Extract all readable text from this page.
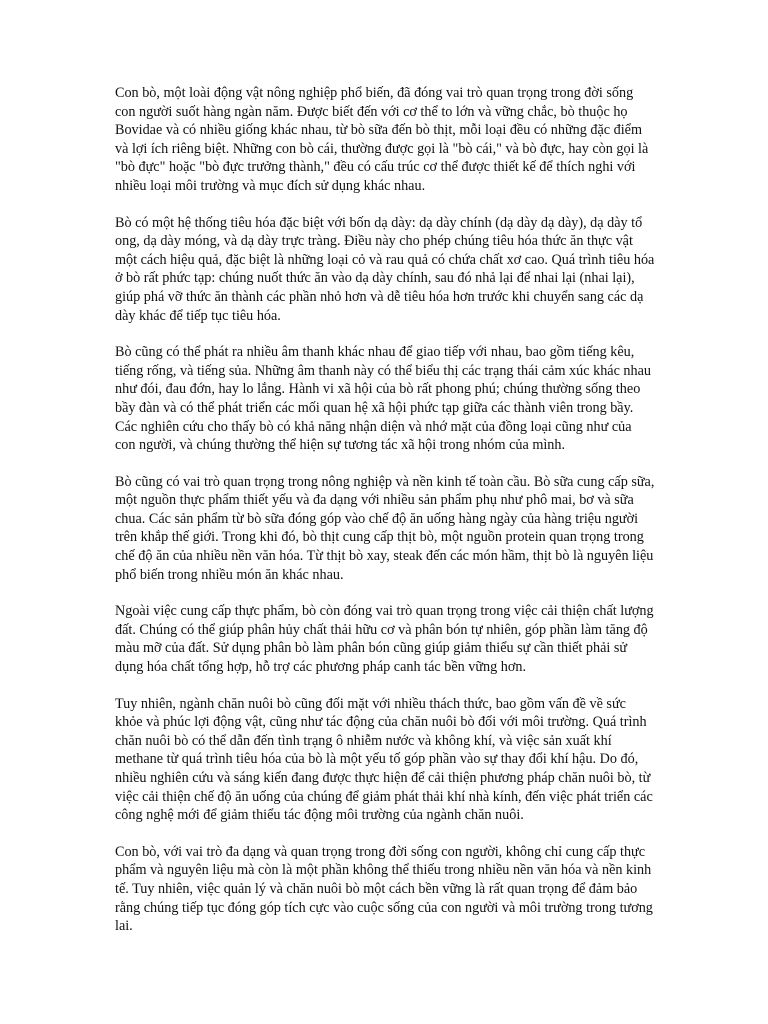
Con bò, một loài động vật nông nghiệp phổ biến, đã đóng vai trò quan trọng trong đời sống con người suốt hàng ngàn năm. Được biết đến với cơ thể to lớn và vững chắc, bò thuộc họ Bovidae và có nhiều giống khác nhau, từ bò sữa đến bò thịt, mỗi loại đều có những đặc điểm và lợi ích riêng biệt. Những con bò cái, thường được gọi là "bò cái," và bò đực, hay còn gọi là "bò đực" hoặc "bò đực trưởng thành," đều có cấu trúc cơ thể được thiết kế để thích nghi với nhiều loại môi trường và mục đích sử dụng khác nhau.

Bò có một hệ thống tiêu hóa đặc biệt với bốn dạ dày: dạ dày chính (dạ dày dạ dày), dạ dày tổ ong, dạ dày móng, và dạ dày trực tràng. Điều này cho phép chúng tiêu hóa thức ăn thực vật một cách hiệu quả, đặc biệt là những loại cỏ và rau quả có chứa chất xơ cao. Quá trình tiêu hóa ở bò rất phức tạp: chúng nuốt thức ăn vào dạ dày chính, sau đó nhả lại để nhai lại (nhai lại), giúp phá vỡ thức ăn thành các phần nhỏ hơn và dễ tiêu hóa hơn trước khi chuyển sang các dạ dày khác để tiếp tục tiêu hóa.

Bò cũng có thể phát ra nhiều âm thanh khác nhau để giao tiếp với nhau, bao gồm tiếng kêu, tiếng rống, và tiếng sủa. Những âm thanh này có thể biểu thị các trạng thái cảm xúc khác nhau như đói, đau đớn, hay lo lắng. Hành vi xã hội của bò rất phong phú; chúng thường sống theo bầy đàn và có thể phát triển các mối quan hệ xã hội phức tạp giữa các thành viên trong bầy. Các nghiên cứu cho thấy bò có khả năng nhận diện và nhớ mặt của đồng loại cũng như của con người, và chúng thường thể hiện sự tương tác xã hội trong nhóm của mình.

Bò cũng có vai trò quan trọng trong nông nghiệp và nền kinh tế toàn cầu. Bò sữa cung cấp sữa, một nguồn thực phẩm thiết yếu và đa dạng với nhiều sản phẩm phụ như phô mai, bơ và sữa chua. Các sản phẩm từ bò sữa đóng góp vào chế độ ăn uống hàng ngày của hàng triệu người trên khắp thế giới. Trong khi đó, bò thịt cung cấp thịt bò, một nguồn protein quan trọng trong chế độ ăn của nhiều nền văn hóa. Từ thịt bò xay, steak đến các món hầm, thịt bò là nguyên liệu phổ biến trong nhiều món ăn khác nhau.

Ngoài việc cung cấp thực phẩm, bò còn đóng vai trò quan trọng trong việc cải thiện chất lượng đất. Chúng có thể giúp phân hủy chất thải hữu cơ và phân bón tự nhiên, góp phần làm tăng độ màu mỡ của đất. Sử dụng phân bò làm phân bón cũng giúp giảm thiểu sự cần thiết phải sử dụng hóa chất tổng hợp, hỗ trợ các phương pháp canh tác bền vững hơn.

Tuy nhiên, ngành chăn nuôi bò cũng đối mặt với nhiều thách thức, bao gồm vấn đề về sức khỏe và phúc lợi động vật, cũng như tác động của chăn nuôi bò đối với môi trường. Quá trình chăn nuôi bò có thể dẫn đến tình trạng ô nhiễm nước và không khí, và việc sản xuất khí methane từ quá trình tiêu hóa của bò là một yếu tố góp phần vào sự thay đổi khí hậu. Do đó, nhiều nghiên cứu và sáng kiến đang được thực hiện để cải thiện phương pháp chăn nuôi bò, từ việc cải thiện chế độ ăn uống của chúng để giảm phát thải khí nhà kính, đến việc phát triển các công nghệ mới để giảm thiểu tác động môi trường của ngành chăn nuôi.

Con bò, với vai trò đa dạng và quan trọng trong đời sống con người, không chỉ cung cấp thực phẩm và nguyên liệu mà còn là một phần không thể thiếu trong nhiều nền văn hóa và nền kinh tế. Tuy nhiên, việc quản lý và chăn nuôi bò một cách bền vững là rất quan trọng để đảm bảo rằng chúng tiếp tục đóng góp tích cực vào cuộc sống của con người và môi trường trong tương lai.
